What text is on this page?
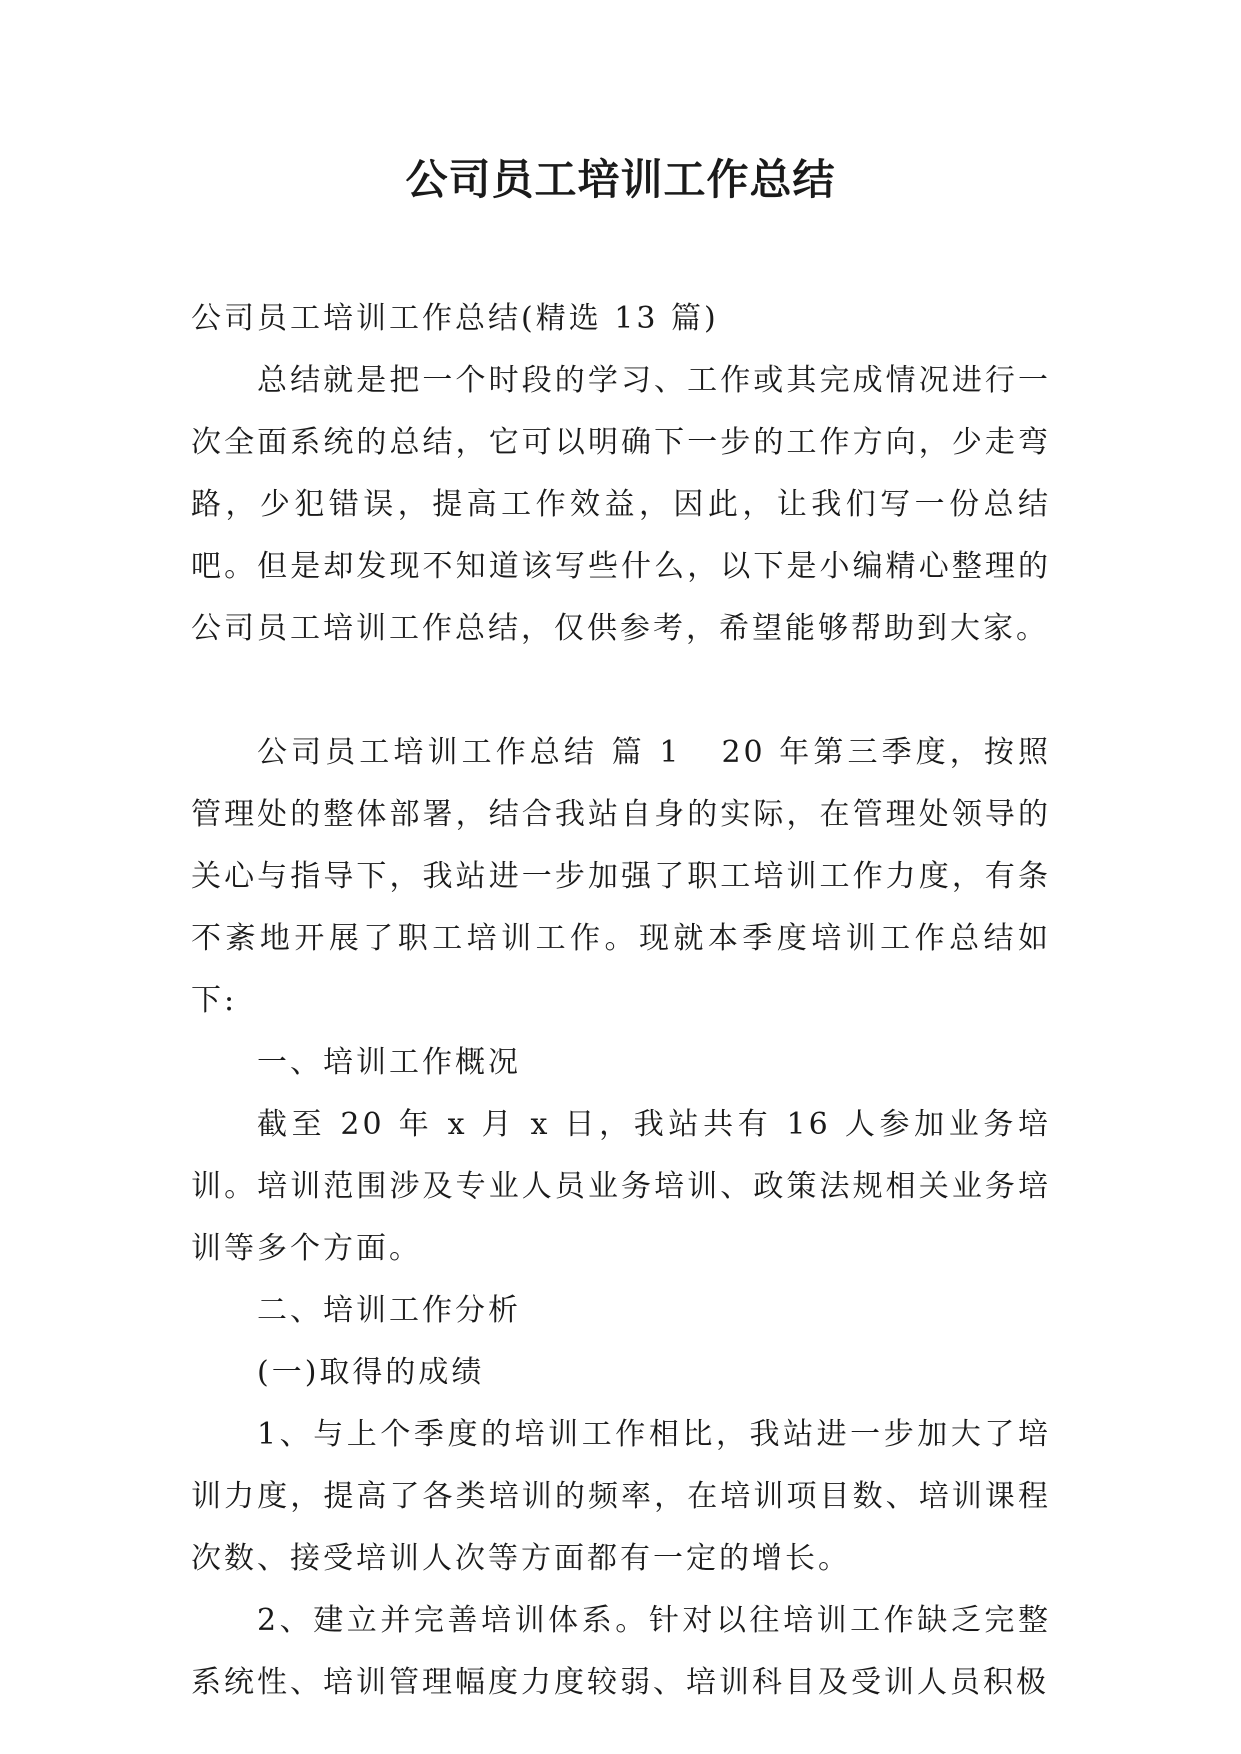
公司员工培训工作总结

公司员工培训工作总结(精选 13 篇)

总结就是把一个时段的学习、工作或其完成情况进行一次全面系统的总结，它可以明确下一步的工作方向，少走弯路，少犯错误，提高工作效益，因此，让我们写一份总结吧。但是却发现不知道该写些什么，以下是小编精心整理的公司员工培训工作总结，仅供参考，希望能够帮助到大家。

公司员工培训工作总结 篇 1 20 年第三季度，按照管理处的整体部署，结合我站自身的实际，在管理处领导的关心与指导下，我站进一步加强了职工培训工作力度，有条不紊地开展了职工培训工作。现就本季度培训工作总结如下:

一、培训工作概况

截至 20 年 x 月 x 日，我站共有 16 人参加业务培训。培训范围涉及专业人员业务培训、政策法规相关业务培训等多个方面。

二、培训工作分析

(一)取得的成绩

1、与上个季度的培训工作相比，我站进一步加大了培训力度，提高了各类培训的频率，在培训项目数、培训课程次数、接受培训人次等方面都有一定的增长。

2、建立并完善培训体系。针对以往培训工作缺乏完整系统性、培训管理幅度力度较弱、培训科目及受训人员积极
